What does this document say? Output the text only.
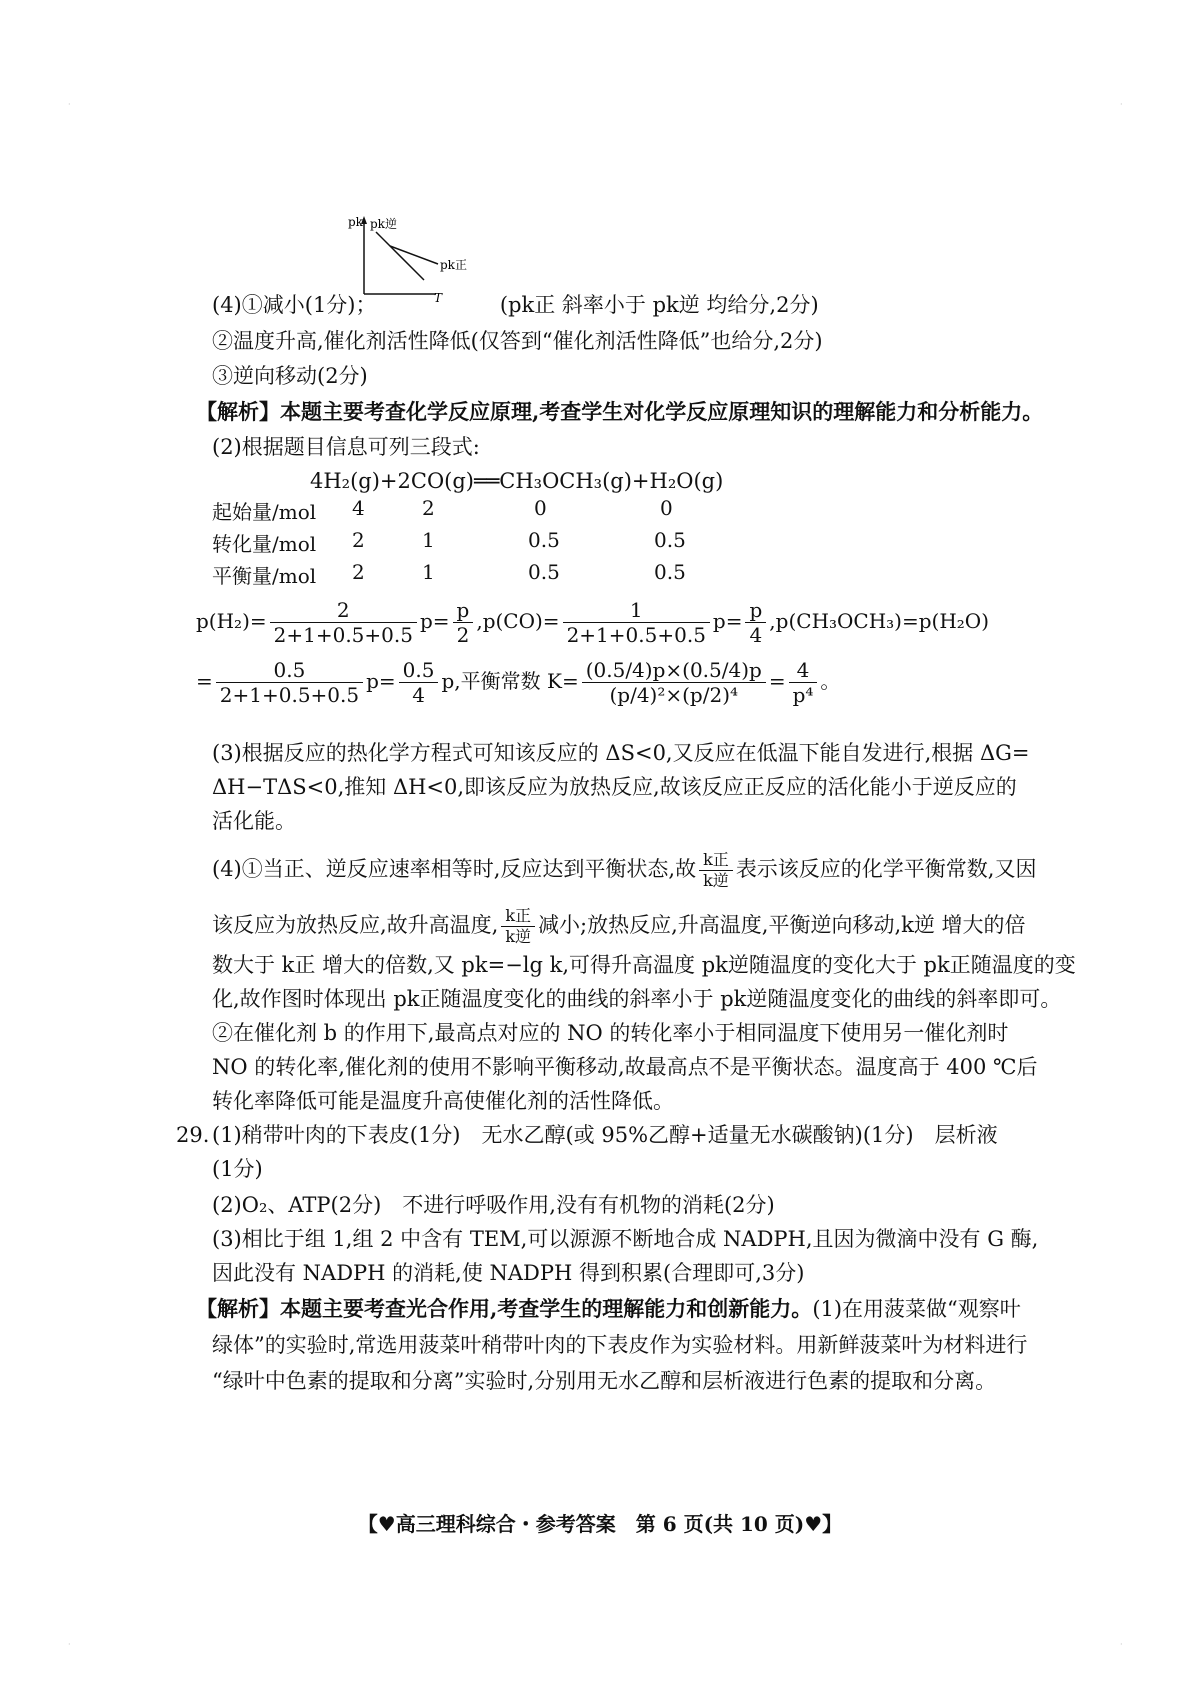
·	·
·	·
pk
T
pk逆
pk正
(4)①减小(1分)；	(pk正 斜率小于 pk逆 均给分,2分)
②温度升高,催化剂活性降低(仅答到“催化剂活性降低”也给分,2分)
③逆向移动(2分)
【解析】本题主要考查化学反应原理,考查学生对化学反应原理知识的理解能力和分析能力。
(2)根据题目信息可列三段式:
4H₂(g)+2CO(g)══CH₃OCH₃(g)+H₂O(g)
起始量/mol 4	2	0	0
转化量/mol 2	1	0.5	0.5
平衡量/mol 2	1	0.5	0.5
$p(H_2)= \frac{2}{2+1+0.5+0.5} p= \frac{p}{2} ,p(CO)= \frac{1}{2+1+0.5+0.5} p= \frac{p}{4} ,p(CH_3OCH_3)=p(H_2O)$
= $\frac{0.5}{2+1+0.5+0.5} p= \frac{0.5}{4} p$,平衡常数 $K= \frac{(0.5/4)p\times(0.5/4)p}{\text{(p/4)²×(p/2)⁴}} = \frac{4}{\text{p⁴}}$ 。
(3)根据反应的热化学方程式可知该反应的 ΔS<0,又反应在低温下能自发进行,根据 ΔG=
ΔH−TΔS<0,推知 ΔH<0,即该反应为放热反应,故该反应正反应的活化能小于逆反应的
活化能。
(4)①当正、逆反应速率相等时,反应达到平衡状态,故 $\frac{\text{k正}}{\text{k逆}}$ 表示该反应的化学平衡常数,又因
该反应为放热反应,故升高温度, $\frac{\text{k正}}{\text{k逆}}$ 减小;放热反应,升高温度,平衡逆向移动,k逆 增大的倍
数大于 k正 增大的倍数,又 pk=−lg k,可得升高温度 pk逆随温度的变化大于 pk正随温度的变
化,故作图时体现出 pk正随温度变化的曲线的斜率小于 pk逆随温度变化的曲线的斜率即可。
②在催化剂 b 的作用下,最高点对应的 NO 的转化率小于相同温度下使用另一催化剂时
NO 的转化率,催化剂的使用不影响平衡移动,故最高点不是平衡状态。温度高于 400 ℃后
转化率降低可能是温度升高使催化剂的活性降低。
29. (1)稍带叶肉的下表皮(1分)　无水乙醇(或 95%乙醇+适量无水碳酸钠)(1分)　层析液
(1分)
(2)O₂、ATP(2分)　不进行呼吸作用,没有有机物的消耗(2分)
(3)相比于组 1,组 2 中含有 TEM,可以源源不断地合成 NADPH,且因为微滴中没有 G 酶,
因此没有 NADPH 的消耗,使 NADPH 得到积累(合理即可,3分)
【解析】本题主要考查光合作用,考查学生的理解能力和创新能力。(1)在用菠菜做“观察叶
绿体”的实验时,常选用菠菜叶稍带叶肉的下表皮作为实验材料。用新鲜菠菜叶为材料进行
“绿叶中色素的提取和分离”实验时,分别用无水乙醇和层析液进行色素的提取和分离。
【♥高三理科综合・参考答案　第 6 页(共 10 页)♥】
